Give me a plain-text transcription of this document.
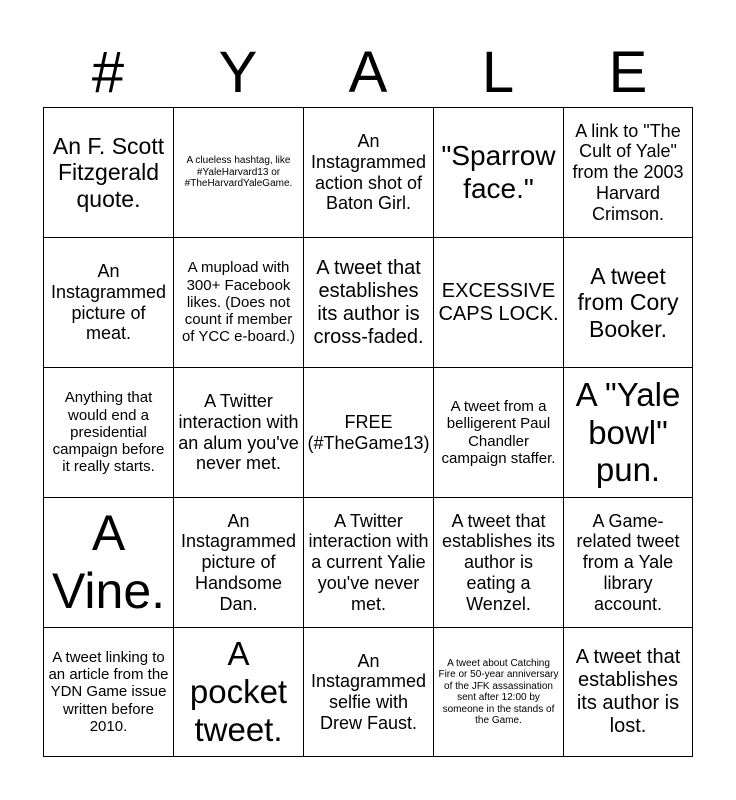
#	Y	A	L	E
An F. Scott Fitzgerald quote.
A clueless hashtag, like #YaleHarvard13 or #TheHarvardYaleGame.
An Instagrammed action shot of Baton Girl.
"Sparrow face."
A link to "The Cult of Yale" from the 2003 Harvard Crimson.
An Instagrammed picture of meat.
A mupload with 300+ Facebook likes. (Does not count if member of YCC e-board.)
A tweet that establishes its author is cross-faded.
EXCESSIVE CAPS LOCK.
A tweet from Cory Booker.
Anything that would end a presidential campaign before it really starts.
A Twitter interaction with an alum you've never met.
FREE (#TheGame13)
A tweet from a belligerent Paul Chandler campaign staffer.
A "Yale bowl" pun.
A Vine.
An Instagrammed picture of Handsome Dan.
A Twitter interaction with a current Yalie you've never met.
A tweet that establishes its author is eating a Wenzel.
A Game-related tweet from a Yale library account.
A tweet linking to an article from the YDN Game issue written before 2010.
A pocket tweet.
An Instagrammed selfie with Drew Faust.
A tweet about Catching Fire or 50-year anniversary of the JFK assassination sent after 12:00 by someone in the stands of the Game.
A tweet that establishes its author is lost.
